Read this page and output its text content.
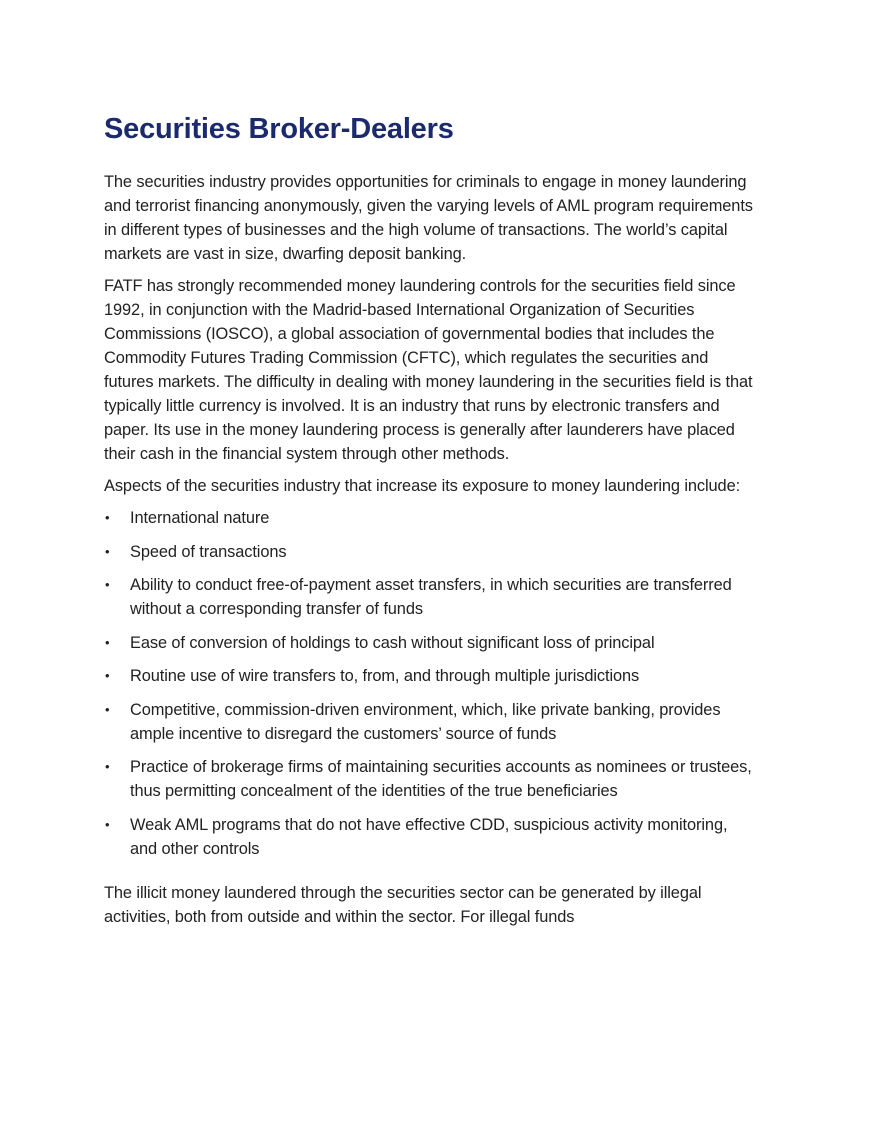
Securities Broker-Dealers

The securities industry provides opportunities for criminals to engage in money laundering and terrorist financing anonymously, given the varying levels of AML program requirements in different types of businesses and the high volume of transactions. The world’s capital markets are vast in size, dwarfing deposit banking.

FATF has strongly recommended money laundering controls for the securities field since 1992, in conjunction with the Madrid-based International Organization of Securities Commissions (IOSCO), a global association of governmental bodies that includes the Commodity Futures Trading Commission (CFTC), which regulates the securities and futures markets. The difficulty in dealing with money laundering in the securities field is that typically little currency is involved. It is an industry that runs by electronic transfers and paper. Its use in the money laundering process is generally after launderers have placed their cash in the financial system through other methods.

Aspects of the securities industry that increase its exposure to money laundering include:

•	International nature
•	Speed of transactions
•	Ability to conduct free-of-payment asset transfers, in which securities are transferred without a corresponding transfer of funds
•	Ease of conversion of holdings to cash without significant loss of principal
•	Routine use of wire transfers to, from, and through multiple jurisdictions
•	Competitive, commission-driven environment, which, like private banking, provides ample incentive to disregard the customers’ source of funds
•	Practice of brokerage firms of maintaining securities accounts as nominees or trustees, thus permitting concealment of the identities of the true beneficiaries
•	Weak AML programs that do not have effective CDD, suspicious activity monitoring, and other controls

The illicit money laundered through the securities sector can be generated by illegal activities, both from outside and within the sector. For illegal funds
